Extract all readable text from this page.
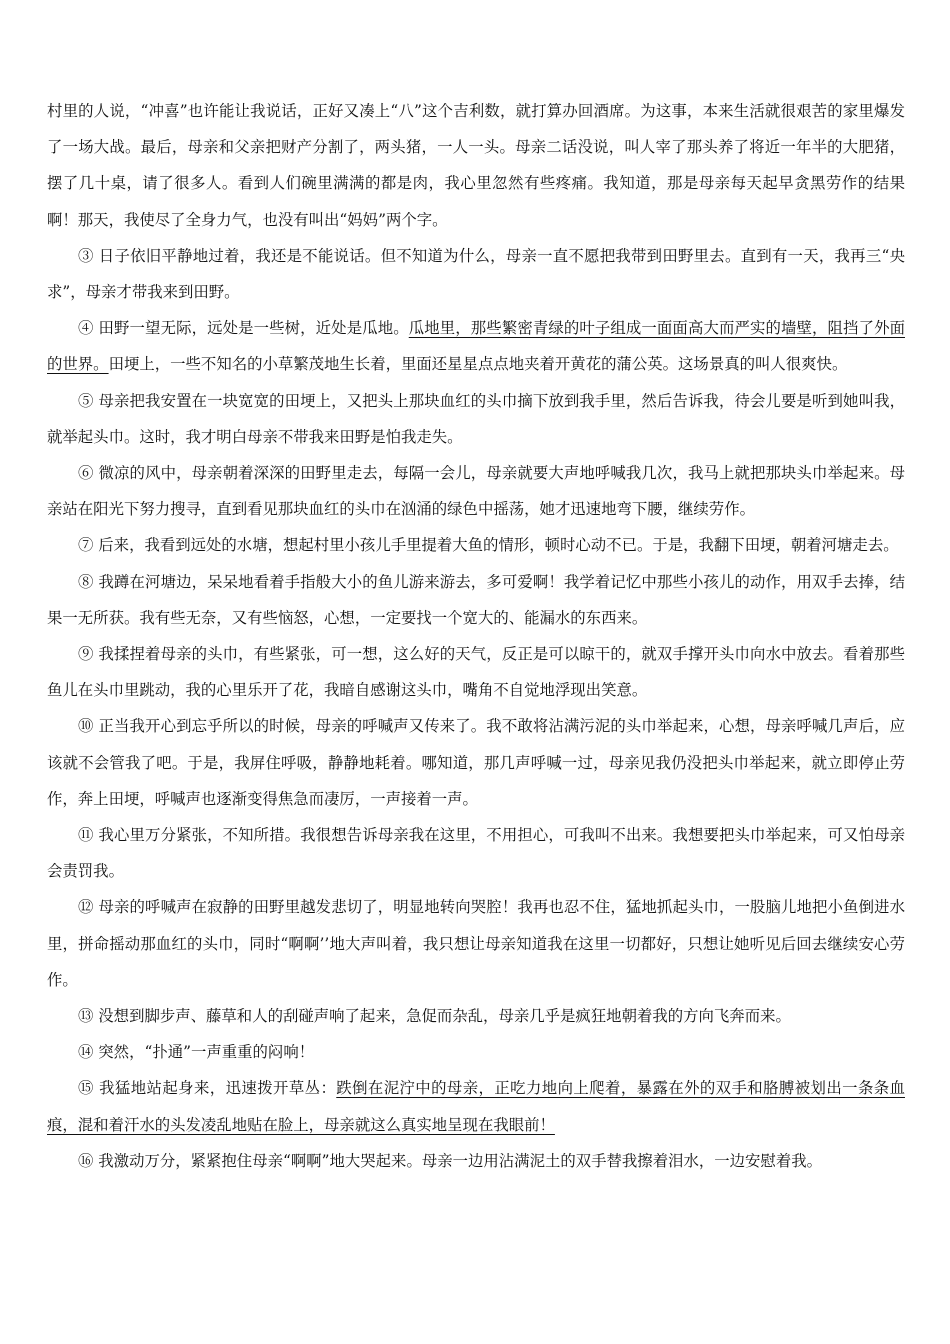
村里的人说，“冲喜”也许能让我说话，正好又凑上“八”这个吉利数，就打算办回酒席。为这事，本来生活就很艰苦的家里爆发了一场大战。最后，母亲和父亲把财产分割了，两头猪，一人一头。母亲二话没说，叫人宰了那头养了将近一年半的大肥猪，摆了几十桌，请了很多人。看到人们碗里满满的都是肉，我心里忽然有些疼痛。我知道，那是母亲每天起早贪黑劳作的结果啊！那天，我使尽了全身力气，也没有叫出“妈妈”两个字。

③ 日子依旧平静地过着，我还是不能说话。但不知道为什么，母亲一直不愿把我带到田野里去。直到有一天，我再三“央求”，母亲才带我来到田野。

④ 田野一望无际，远处是一些树，近处是瓜地。瓜地里，那些繁密青绿的叶子组成一面面高大而严实的墙壁，阻挡了外面的世界。田埂上，一些不知名的小草繁茂地生长着，里面还星星点点地夹着开黄花的蒲公英。这场景真的叫人很爽快。

⑤ 母亲把我安置在一块宽宽的田埂上，又把头上那块血红的头巾摘下放到我手里，然后告诉我，待会儿要是听到她叫我，就举起头巾。这时，我才明白母亲不带我来田野是怕我走失。

⑥ 微凉的风中，母亲朝着深深的田野里走去，每隔一会儿，母亲就要大声地呼喊我几次，我马上就把那块头巾举起来。母亲站在阳光下努力搜寻，直到看见那块血红的头巾在汹涌的绿色中摇荡，她才迅速地弯下腰，继续劳作。

⑦ 后来，我看到远处的水塘，想起村里小孩儿手里提着大鱼的情形，顿时心动不已。于是，我翻下田埂，朝着河塘走去。

⑧ 我蹲在河塘边，呆呆地看着手指般大小的鱼儿游来游去，多可爱啊！我学着记忆中那些小孩儿的动作，用双手去捧，结果一无所获。我有些无奈，又有些恼怒，心想，一定要找一个宽大的、能漏水的东西来。

⑨ 我揉捏着母亲的头巾，有些紧张，可一想，这么好的天气，反正是可以晾干的，就双手撑开头巾向水中放去。看着那些鱼儿在头巾里跳动，我的心里乐开了花，我暗自感谢这头巾，嘴角不自觉地浮现出笑意。

⑩ 正当我开心到忘乎所以的时候，母亲的呼喊声又传来了。我不敢将沾满污泥的头巾举起来，心想，母亲呼喊几声后，应该就不会管我了吧。于是，我屏住呼吸，静静地耗着。哪知道，那几声呼喊一过，母亲见我仍没把头巾举起来，就立即停止劳作，奔上田埂，呼喊声也逐渐变得焦急而凄厉，一声接着一声。

⑪ 我心里万分紧张，不知所措。我很想告诉母亲我在这里，不用担心，可我叫不出来。我想要把头巾举起来，可又怕母亲会责罚我。

⑫ 母亲的呼喊声在寂静的田野里越发悲切了，明显地转向哭腔！我再也忍不住，猛地抓起头巾，一股脑儿地把小鱼倒进水里，拼命摇动那血红的头巾，同时“啊啊’’地大声叫着，我只想让母亲知道我在这里一切都好，只想让她听见后回去继续安心劳作。

⑬ 没想到脚步声、藤草和人的刮碰声响了起来，急促而杂乱，母亲几乎是疯狂地朝着我的方向飞奔而来。

⑭ 突然，“扑通”一声重重的闷响！

⑮ 我猛地站起身来，迅速拨开草丛：跌倒在泥泞中的母亲，正吃力地向上爬着，暴露在外的双手和胳膊被划出一条条血痕，混和着汗水的头发凌乱地贴在脸上，母亲就这么真实地呈现在我眼前！

⑯ 我激动万分，紧紧抱住母亲“啊啊”地大哭起来。母亲一边用沾满泥土的双手替我擦着泪水，一边安慰着我。
